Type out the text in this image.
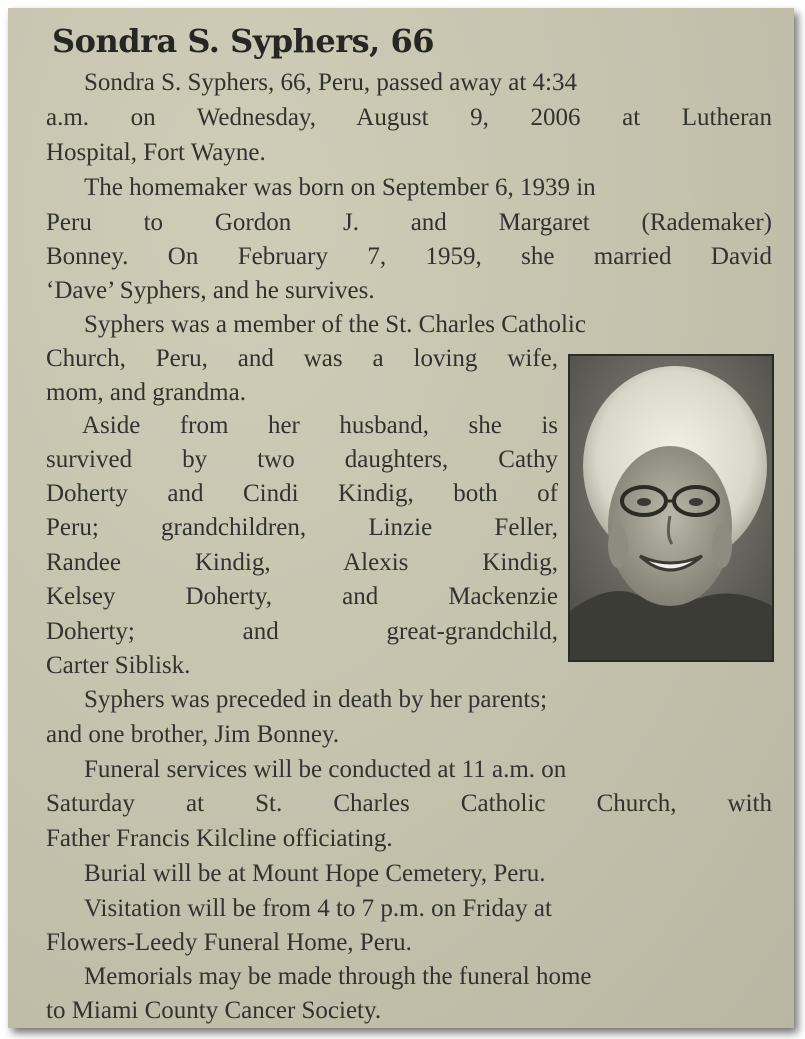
Sondra S. Syphers, 66
Sondra S. Syphers, 66, Peru, passed away at 4:34
a.m. on Wednesday, August 9, 2006 at Lutheran
Hospital, Fort Wayne.
The homemaker was born on September 6, 1939 in
Peru to Gordon J. and Margaret (Rademaker)
Bonney. On February 7, 1959, she married David
‘Dave’ Syphers, and he survives.
Syphers was a member of the St. Charles Catholic
Church, Peru, and was a loving wife,
mom, and grandma.
Aside from her husband, she is
survived by two daughters, Cathy
Doherty and Cindi Kindig, both of
Peru; grandchildren, Linzie Feller,
Randee Kindig, Alexis Kindig,
Kelsey Doherty, and Mackenzie
Doherty; and great-grandchild,
Carter Siblisk.
Syphers was preceded in death by her parents;
and one brother, Jim Bonney.
Funeral services will be conducted at 11 a.m. on
Saturday at St. Charles Catholic Church, with
Father Francis Kilcline officiating.
Burial will be at Mount Hope Cemetery, Peru.
Visitation will be from 4 to 7 p.m. on Friday at
Flowers-Leedy Funeral Home, Peru.
Memorials may be made through the funeral home
to Miami County Cancer Society.
